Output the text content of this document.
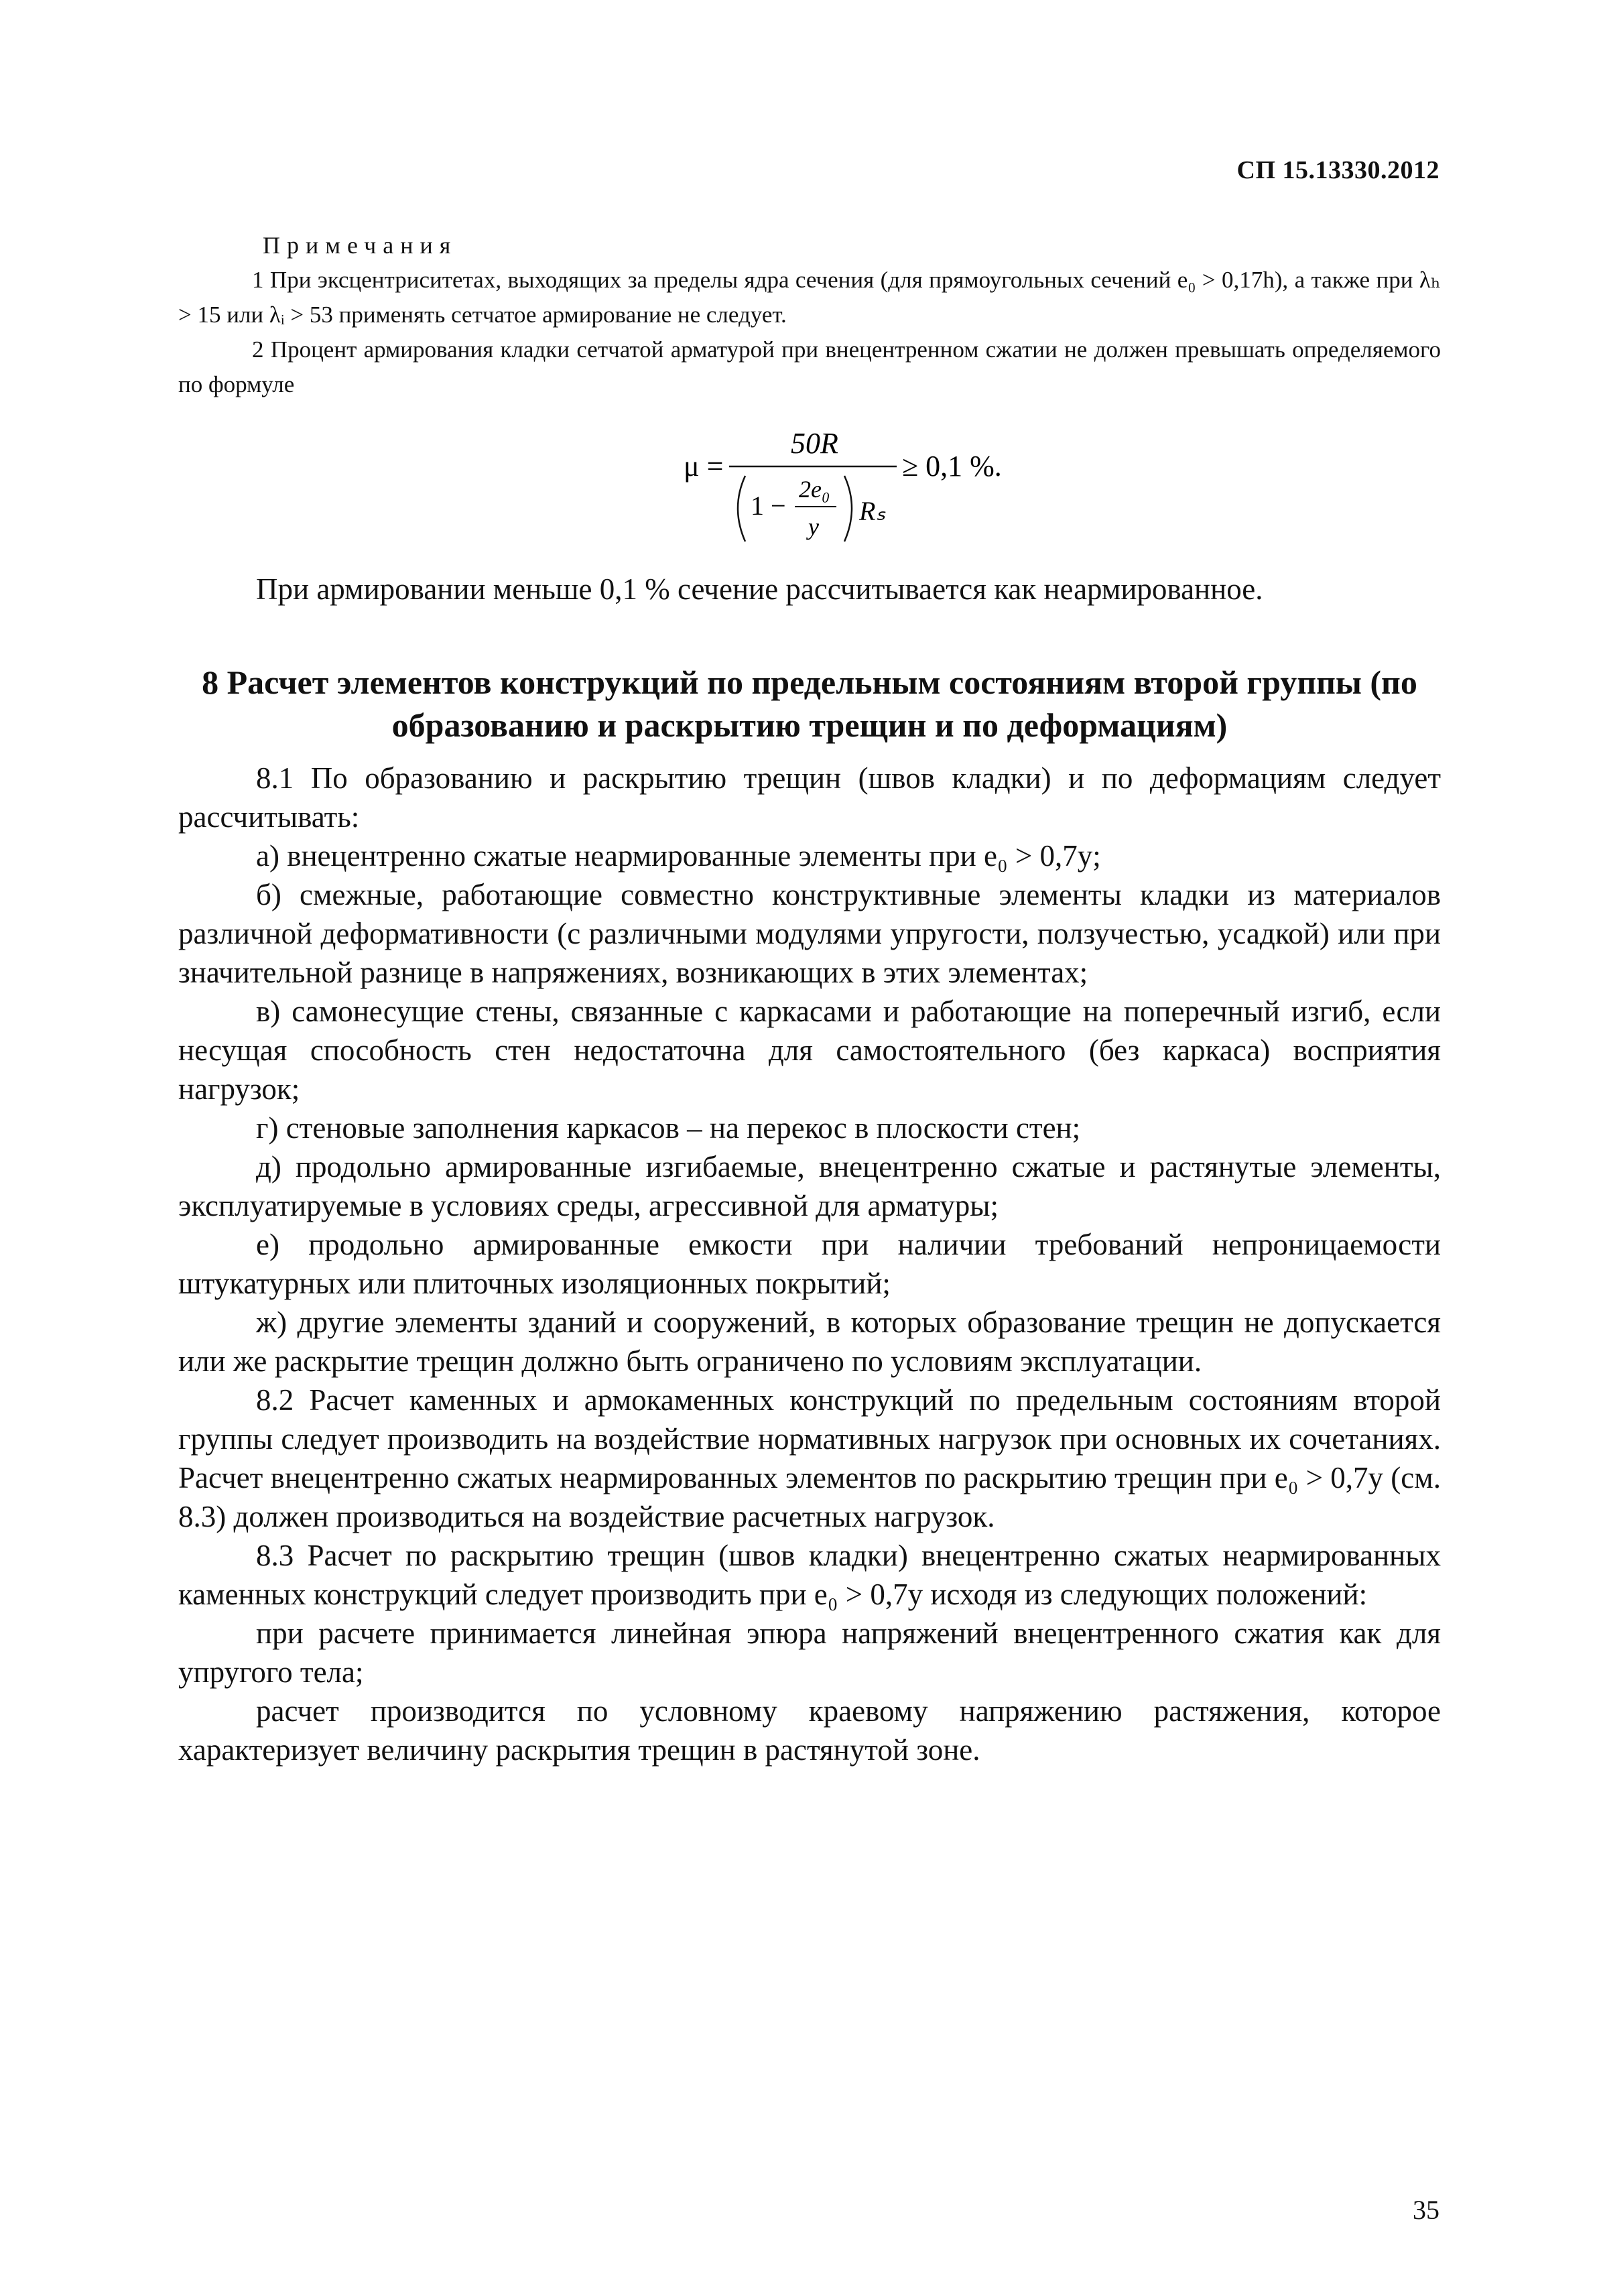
СП 15.13330.2012

Примечания

1 При эксцентриситетах, выходящих за пределы ядра сечения (для прямоугольных сечений e₀ > 0,17h), а также при λₕ > 15 или λᵢ > 53 применять сетчатое армирование не следует.

2 Процент армирования кладки сетчатой арматурой при внецентренном сжатии не должен превышать определяемого по формуле

μ =
50R
1 −
2e₀
y
Rₛ
≥ 0,1 %.

При армировании меньше 0,1 % сечение рассчитывается как неармированное.

8 Расчет элементов конструкций по предельным состояниям второй группы (по образованию и раскрытию трещин и по деформациям)

8.1 По образованию и раскрытию трещин (швов кладки) и по деформациям следует рассчитывать:

а) внецентренно сжатые неармированные элементы при e₀ > 0,7y;

б) смежные, работающие совместно конструктивные элементы кладки из материалов различной деформативности (с различными модулями упругости, ползучестью, усадкой) или при значительной разнице в напряжениях, возникающих в этих элементах;

в) самонесущие стены, связанные с каркасами и работающие на поперечный изгиб, если несущая способность стен недостаточна для самостоятельного (без каркаса) восприятия нагрузок;

г) стеновые заполнения каркасов – на перекос в плоскости стен;

д) продольно армированные изгибаемые, внецентренно сжатые и растянутые элементы, эксплуатируемые в условиях среды, агрессивной для арматуры;

е) продольно армированные емкости при наличии требований непроницаемости штукатурных или плиточных изоляционных покрытий;

ж) другие элементы зданий и сооружений, в которых образование трещин не допускается или же раскрытие трещин должно быть ограничено по условиям эксплуатации.

8.2 Расчет каменных и армокаменных конструкций по предельным состояниям второй группы следует производить на воздействие нормативных нагрузок при основных их сочетаниях. Расчет внецентренно сжатых неармированных элементов по раскрытию трещин при e₀ > 0,7y (см. 8.3) должен производиться на воздействие расчетных нагрузок.

8.3 Расчет по раскрытию трещин (швов кладки) внецентренно сжатых неармированных каменных конструкций следует производить при e₀ > 0,7y исходя из следующих положений:

при расчете принимается линейная эпюра напряжений внецентренного сжатия как для упругого тела;

расчет производится по условному краевому напряжению растяжения, которое характеризует величину раскрытия трещин в растянутой зоне.

35
